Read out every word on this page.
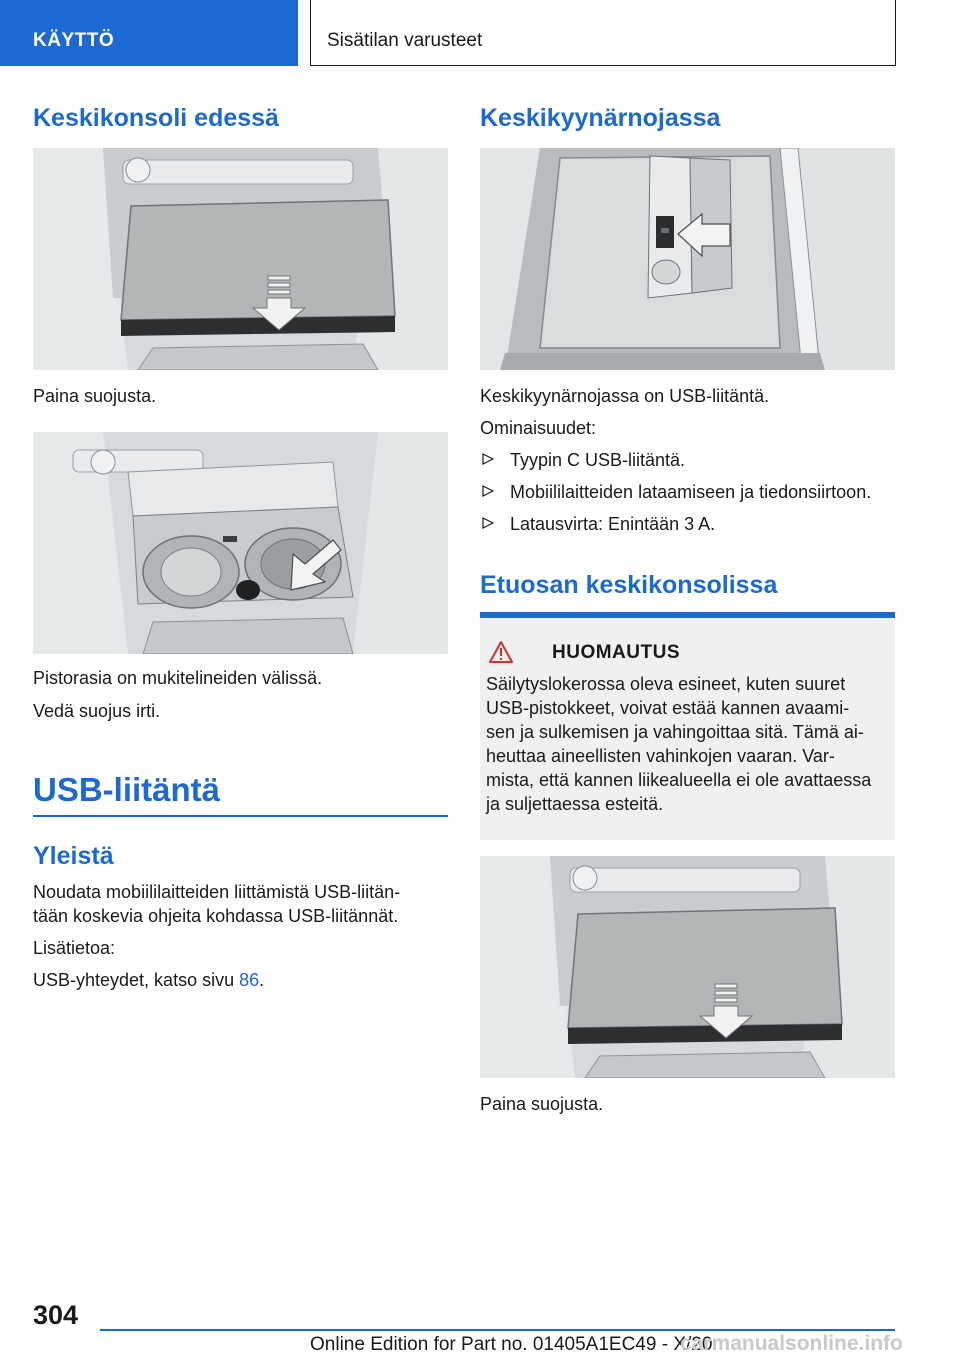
KÄYTTÖ	Sisätilan varusteet
Keskikonsoli edessä
Paina suojusta.
Pistorasia on mukitelineiden välissä.
Vedä suojus irti.
USB-liitäntä
Yleistä
Noudata mobiililaitteiden liittämistä USB-liitän-
tään koskevia ohjeita kohdassa USB-liitännät.
Lisätietoa:
USB-yhteydet, katso sivu 86.
Keskikyynärnojassa
Keskikyynärnojassa on USB-liitäntä.
Ominaisuudet:
Tyypin C USB-liitäntä.
Mobiililaitteiden lataamiseen ja tiedonsiirtoon.
Latausvirta: Enintään 3 A.
Etuosan keskikonsolissa
HUOMAUTUS
Säilytyslokerossa oleva esineet, kuten suuret
USB-pistokkeet, voivat estää kannen avaami-
sen ja sulkemisen ja vahingoittaa sitä. Tämä ai-
heuttaa aineellisten vahinkojen vaaran. Var-
mista, että kannen liikealueella ei ole avattaessa
ja suljettaessa esteitä.
Paina suojusta.
304
Online Edition for Part no. 01405A1EC49 - X/20
carmanualsonline.info
